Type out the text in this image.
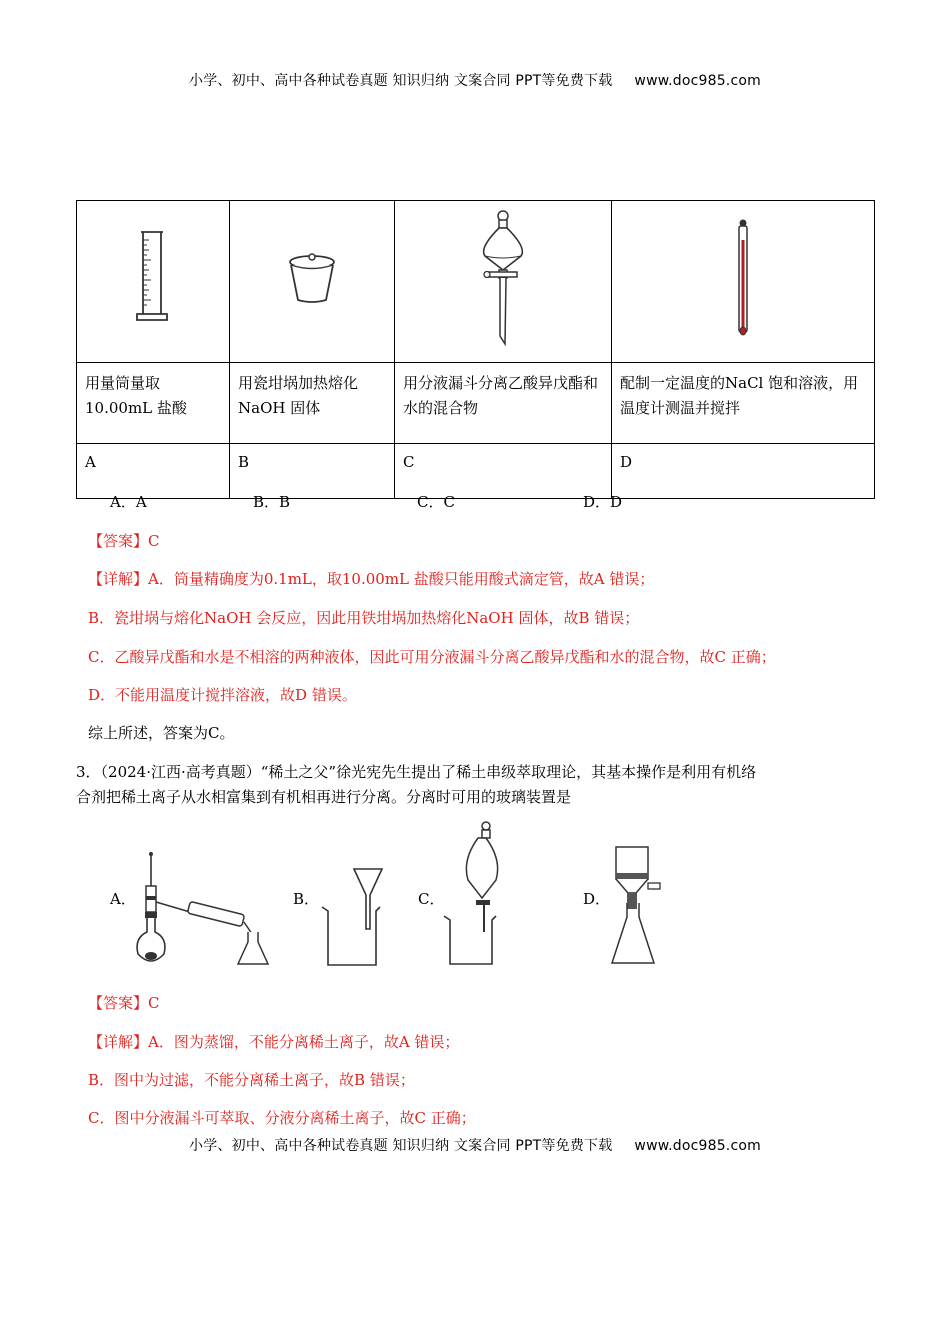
小学、初中、高中各种试卷真题 知识归纳 文案合同 PPT等免费下载 www.doc985.com

用量筒量取10.00mL 盐酸	用瓷坩埚加热熔化NaOH 固体	用分液漏斗分离乙酸异戊酯和水的混合物	配制一定温度的NaCl 饱和溶液，用温度计测温并搅拌
A	B	C	D
A．A	B．B	C．C	D．D
【答案】C
【详解】A．筒量精确度为0.1mL，取10.00mL 盐酸只能用酸式滴定管，故A 错误；
B．瓷坩埚与熔化NaOH 会反应，因此用铁坩埚加热熔化NaOH 固体，故B 错误；
C．乙酸异戊酯和水是不相溶的两种液体，因此可用分液漏斗分离乙酸异戊酯和水的混合物，故C 正确；
D．不能用温度计搅拌溶液，故D 错误。
综上所述，答案为C。
3．（2024·江西·高考真题）“稀土之父”徐光宪先生提出了稀土串级萃取理论，其基本操作是利用有机络
合剂把稀土离子从水相富集到有机相再进行分离。分离时可用的玻璃装置是
A．	B．	C．	D．
【答案】C
【详解】A．图为蒸馏，不能分离稀土离子，故A 错误；
B．图中为过滤，不能分离稀土离子，故B 错误；
C．图中分液漏斗可萃取、分液分离稀土离子，故C 正确；
小学、初中、高中各种试卷真题 知识归纳 文案合同 PPT等免费下载 www.doc985.com
